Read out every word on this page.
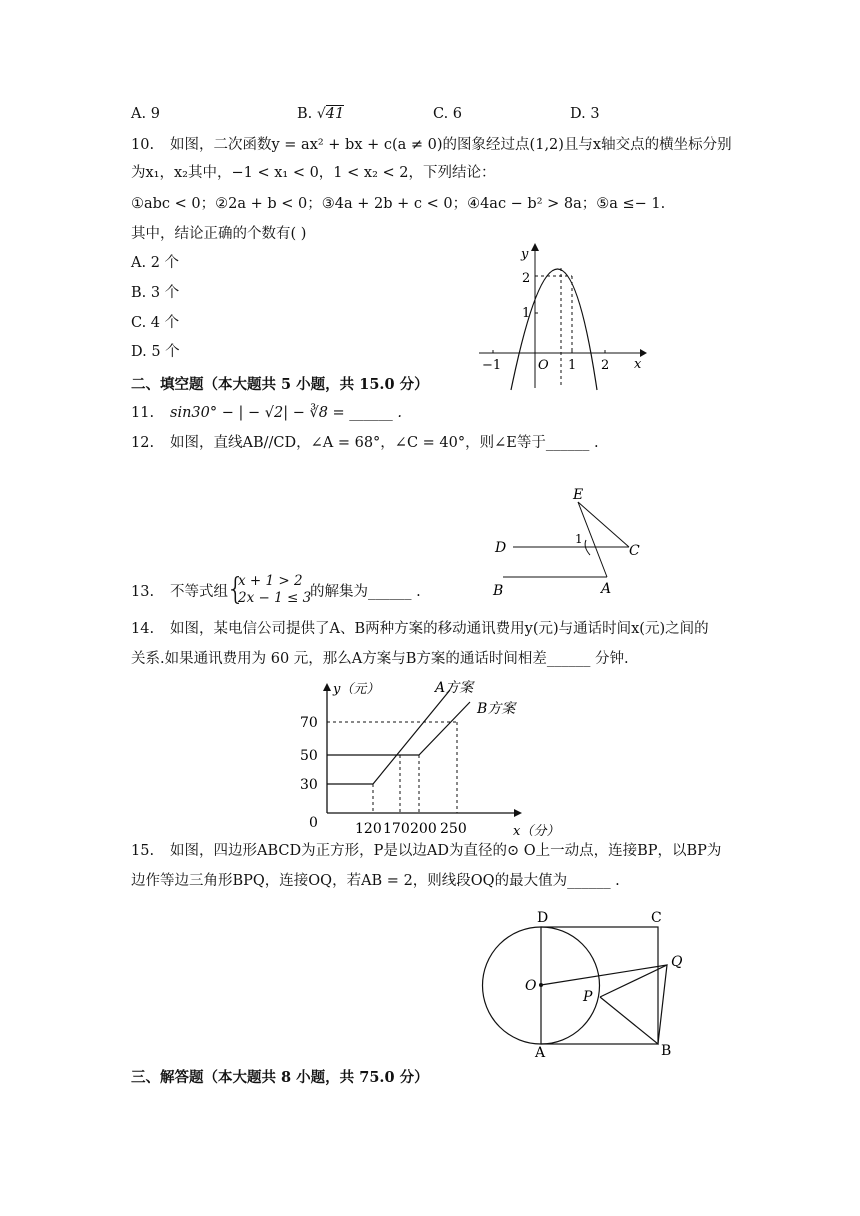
A. 9	B. √41	C. 6	D. 3
10. 如图，二次函数y = ax² + bx + c(a ≠ 0)的图象经过点(1,2)且与x轴交点的横坐标分别
为x₁，x₂其中，−1 < x₁ < 0，1 < x₂ < 2，下列结论：
①abc < 0；②2a + b < 0；③4a + 2b + c < 0；④4ac − b² > 8a；⑤a ≤− 1.
其中，结论正确的个数有( )
A. 2 个
B. 3 个
C. 4 个
D. 5 个
y
x
O
2
1
−1	1 2
二、填空题（本大题共 5 小题，共 15.0 分）
11. sin30° − | − √2| − ∛8 = ______ .
12. 如图，直线AB//CD，∠A = 68°，∠C = 40°，则∠E等于______ .
E
D	C
B	A
1
13. 不等式组
{
x + 1 > 2
2x − 1 ≤ 3
的解集为______ .
14. 如图，某电信公司提供了A、B两种方案的移动通讯费用y(元)与通话时间x(元)之间的
关系.如果通讯费用为 60 元，那么A方案与B方案的通话时间相差______ 分钟.
y（元）
x（分）
A方案
B方案
70
50
30
0	120 170 200 250
15. 如图，四边形ABCD为正方形，P是以边AD为直径的⊙ O上一动点，连接BP，以BP为
边作等边三角形BPQ，连接OQ，若AB = 2，则线段OQ的最大值为______ .
D	C
O
P
Q
A	B
三、解答题（本大题共 8 小题，共 75.0 分）
